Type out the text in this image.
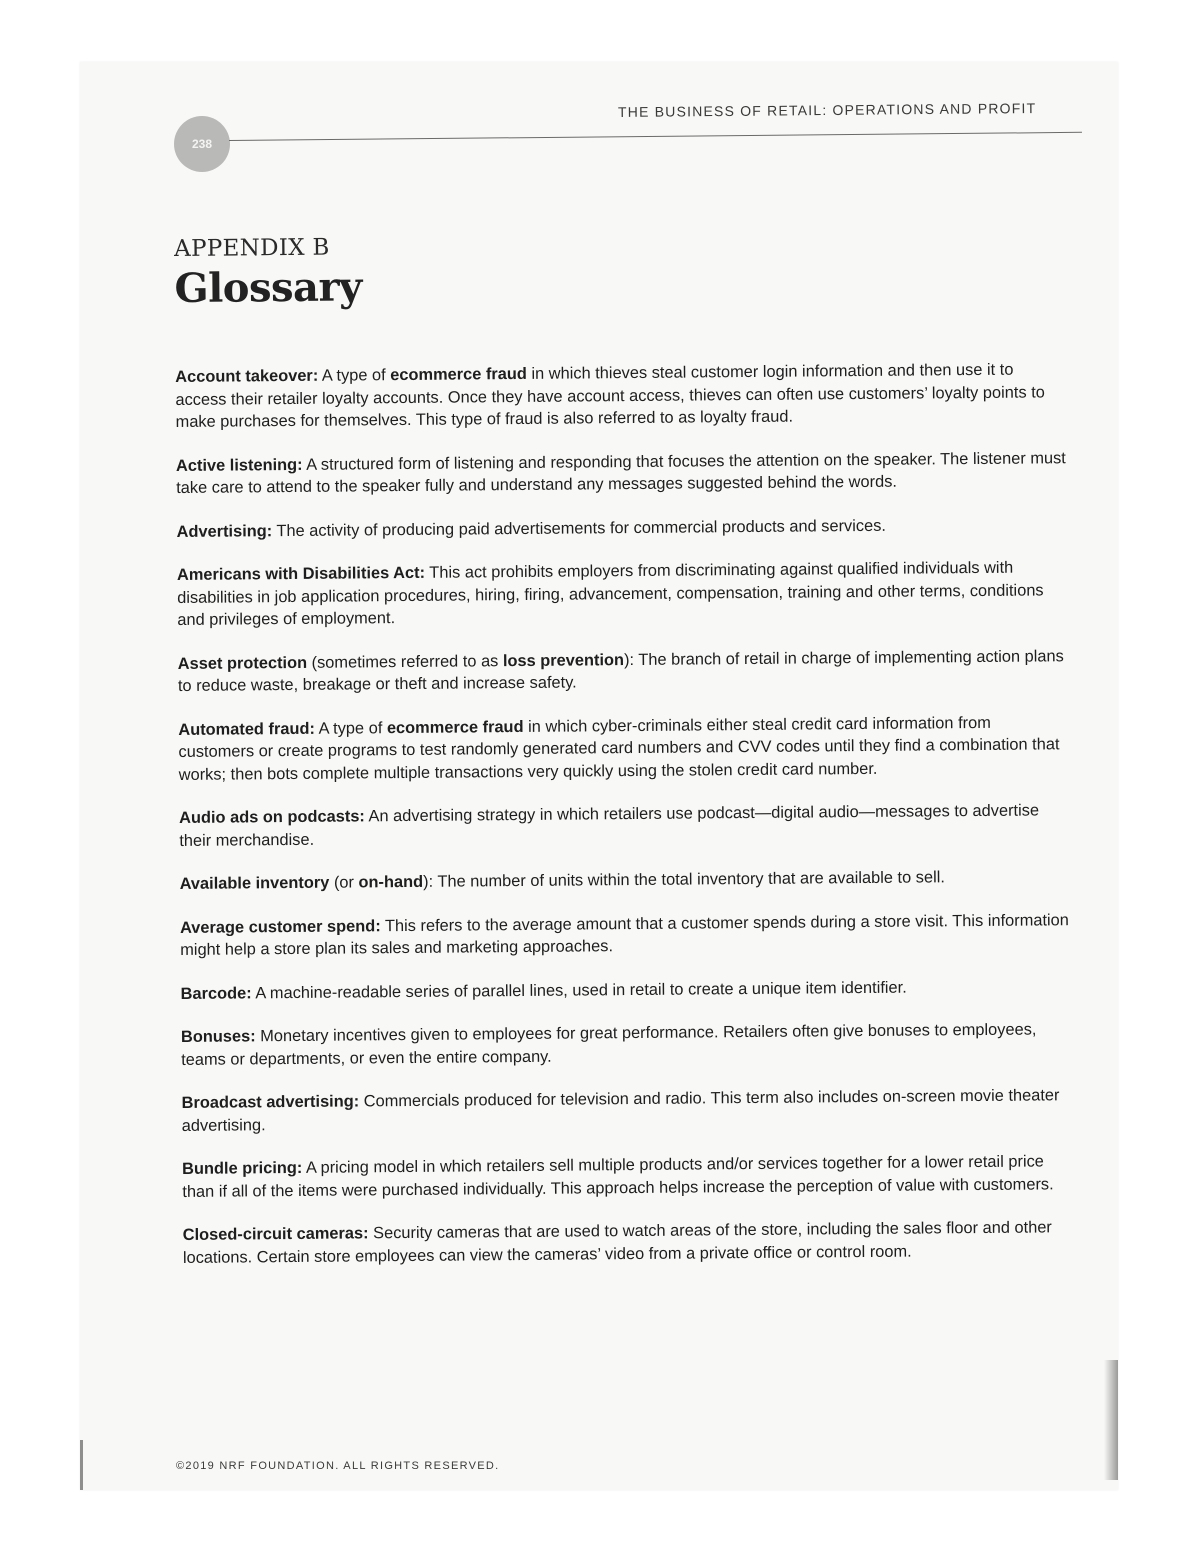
238
THE BUSINESS OF RETAIL: OPERATIONS AND PROFIT

APPENDIX B

Glossary

Account takeover: A type of ecommerce fraud in which thieves steal customer login information and then use it to access their retailer loyalty accounts. Once they have account access, thieves can often use customers’ loyalty points to make purchases for themselves. This type of fraud is also referred to as loyalty fraud.

Active listening: A structured form of listening and responding that focuses the attention on the speaker. The listener must take care to attend to the speaker fully and understand any messages suggested behind the words.

Advertising: The activity of producing paid advertisements for commercial products and services.

Americans with Disabilities Act: This act prohibits employers from discriminating against qualified individuals with disabilities in job application procedures, hiring, firing, advancement, compensation, training and other terms, conditions and privileges of employment.

Asset protection (sometimes referred to as loss prevention): The branch of retail in charge of implementing action plans to reduce waste, breakage or theft and increase safety.

Automated fraud: A type of ecommerce fraud in which cyber-criminals either steal credit card information from customers or create programs to test randomly generated card numbers and CVV codes until they find a combination that works; then bots complete multiple transactions very quickly using the stolen credit card number.

Audio ads on podcasts: An advertising strategy in which retailers use podcast—digital audio—messages to advertise their merchandise.

Available inventory (or on-hand): The number of units within the total inventory that are available to sell.

Average customer spend: This refers to the average amount that a customer spends during a store visit. This information might help a store plan its sales and marketing approaches.

Barcode: A machine-readable series of parallel lines, used in retail to create a unique item identifier.

Bonuses: Monetary incentives given to employees for great performance. Retailers often give bonuses to employees, teams or departments, or even the entire company.

Broadcast advertising: Commercials produced for television and radio. This term also includes on-screen movie theater advertising.

Bundle pricing: A pricing model in which retailers sell multiple products and/or services together for a lower retail price than if all of the items were purchased individually. This approach helps increase the perception of value with customers.

Closed-circuit cameras: Security cameras that are used to watch areas of the store, including the sales floor and other locations. Certain store employees can view the cameras’ video from a private office or control room.

©2019 NRF FOUNDATION. ALL RIGHTS RESERVED.
